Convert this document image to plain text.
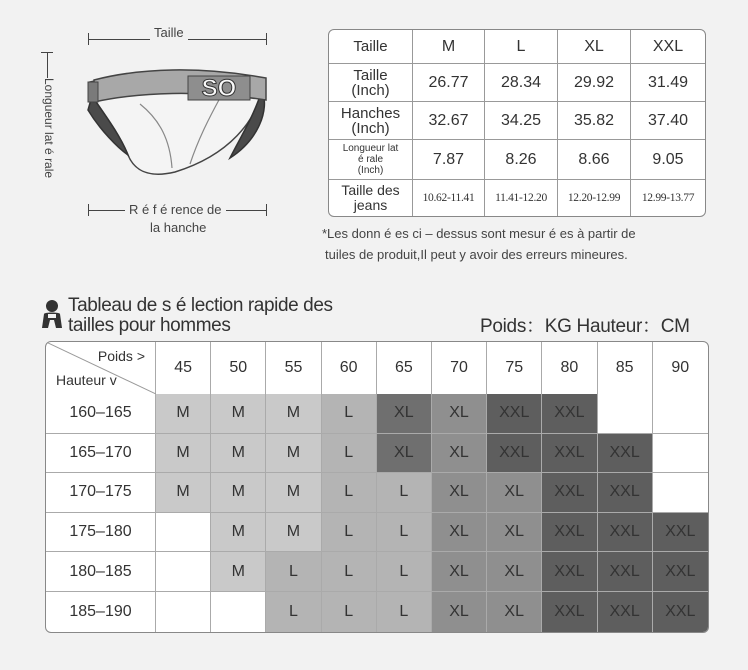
Taille
Longueur lat é rale	SO
R é f é rence de
la hanche
Taille	M	L	XL	XXL
Taille
(Inch)	26.77	28.34	29.92	31.49
Hanches
(Inch)	32.67	34.25	35.82	37.40
Longueur lat
é rale
(Inch)	7.87	8.26	8.66	9.05
Taille des
jeans	10.62-11.41	11.41-12.20	12.20-12.99	12.99-13.77
*Les donn é es ci – dessus sont mesur é es à partir de
tuiles de produit,Il peut y avoir des erreurs mineures.
Tableau de s é lection rapide des
tailles pour hommes	Poids：KG Hauteur：CM
Poids >
Hauteur v	45	50	55	60	65	70	75	80	85	90
160–165	M	M	M	L	XL	XL	XXL	XXL		
165–170	M	M	M	L	XL	XL	XXL	XXL	XXL	
170–175	M	M	M	L	L	XL	XL	XXL	XXL	
175–180		M	M	L	L	XL	XL	XXL	XXL	XXL
180–185		M	L	L	L	XL	XL	XXL	XXL	XXL
185–190			L	L	L	XL	XL	XXL	XXL	XXL
